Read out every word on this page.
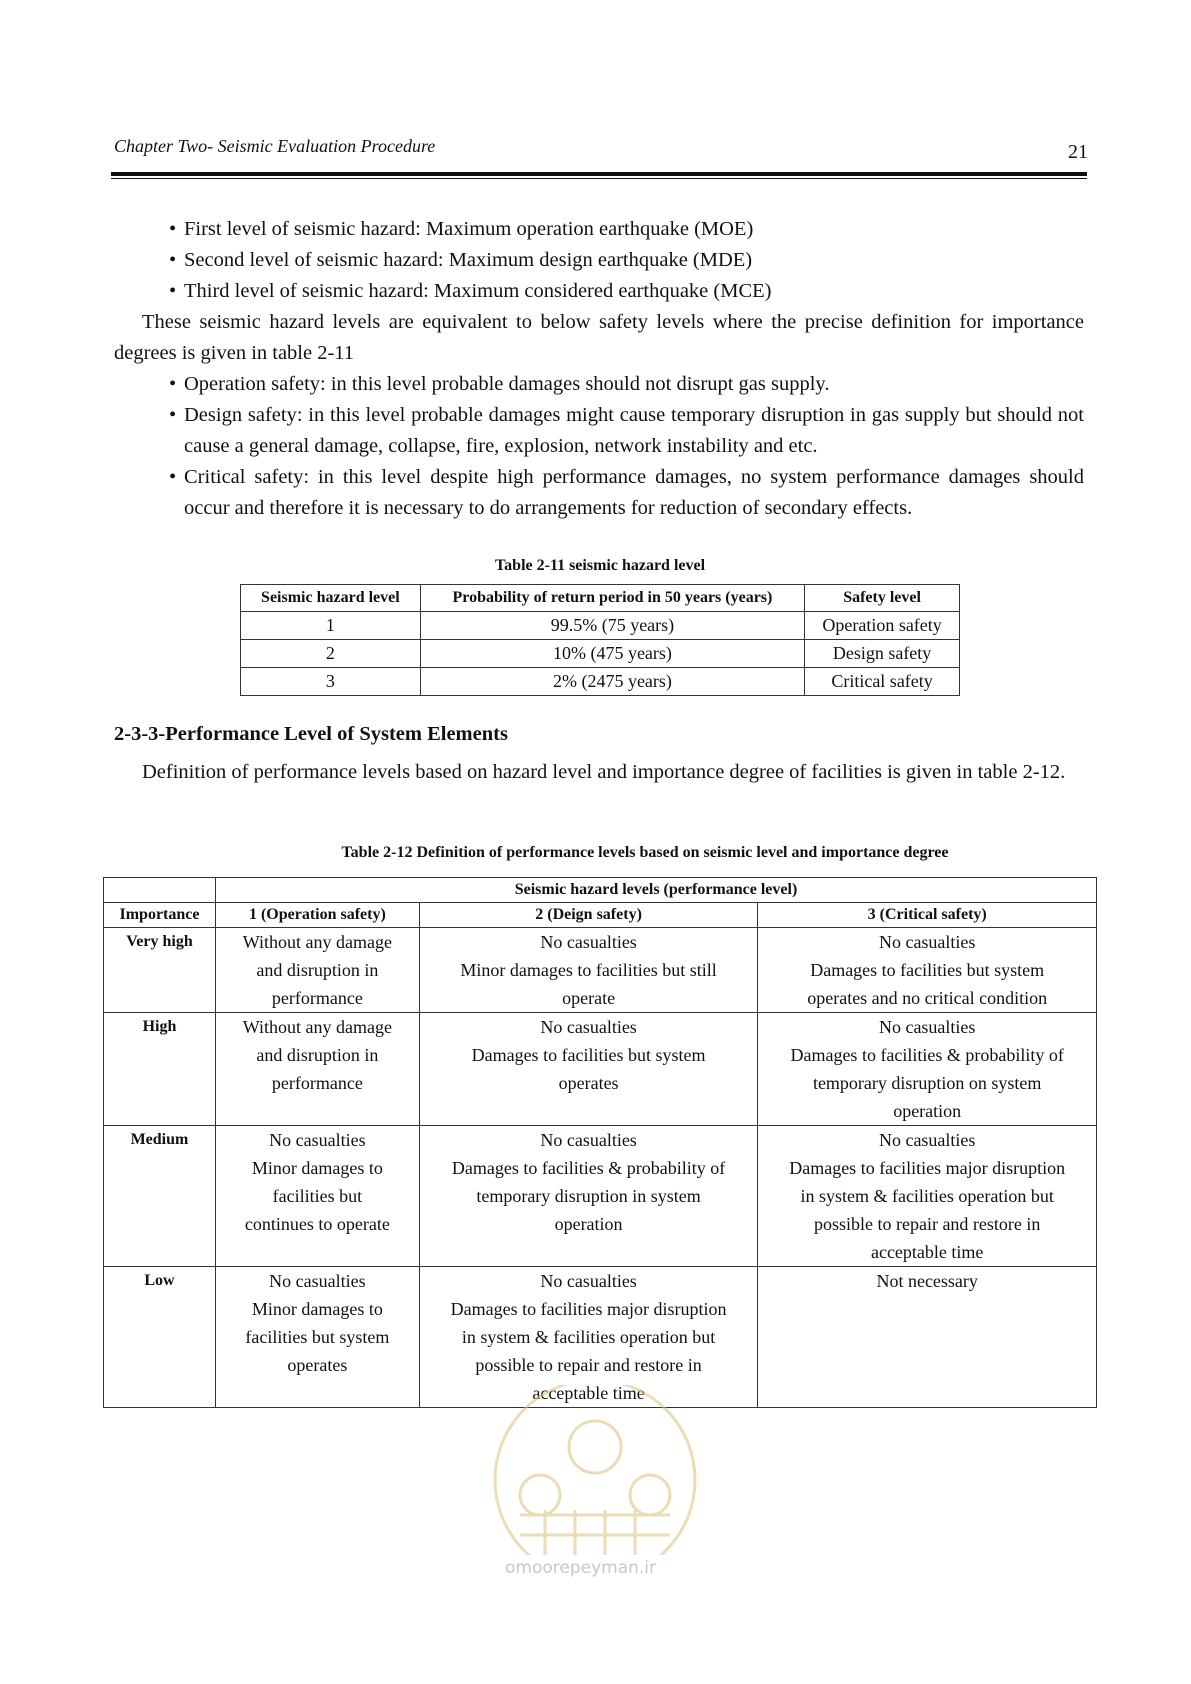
Chapter Two- Seismic Evaluation Procedure	21
• First level of seismic hazard: Maximum operation earthquake (MOE)
• Second level of seismic hazard: Maximum design earthquake (MDE)
• Third level of seismic hazard: Maximum considered earthquake (MCE)
These seismic hazard levels are equivalent to below safety levels where the precise definition for importance degrees is given in table 2-11
• Operation safety: in this level probable damages should not disrupt gas supply.
• Design safety: in this level probable damages might cause temporary disruption in gas supply but should not cause a general damage, collapse, fire, explosion, network instability and etc.
• Critical safety: in this level despite high performance damages, no system performance damages should occur and therefore it is necessary to do arrangements for reduction of secondary effects.
Table 2-11 seismic hazard level
Seismic hazard level	Probability of return period in 50 years (years)	Safety level
1	99.5% (75 years)	Operation safety
2	10% (475 years)	Design safety
3	2% (2475 years)	Critical safety
2-3-3-Performance Level of System Elements
Definition of performance levels based on hazard level and importance degree of facilities is given in table 2-12.
Table 2-12 Definition of performance levels based on seismic level and importance degree
	Seismic hazard levels (performance level)		
Importance	1 (Operation safety)	2 (Deign safety)	3 (Critical safety)
Very high	Without any damage
and disruption in
performance	No casualties
Minor damages to facilities but still
operate	No casualties
Damages to facilities but system
operates and no critical condition

High	Without any damage
and disruption in
performance	No casualties
Damages to facilities but system
operates	No casualties
Damages to facilities & probability of
temporary disruption on system
operation

Medium	No casualties
Minor damages to
facilities but
continues to operate	No casualties
Damages to facilities & probability of
temporary disruption in system
operation	No casualties
Damages to facilities major disruption
in system & facilities operation but
possible to repair and restore in
acceptable time

Low	No casualties
Minor damages to
facilities but system
operates	No casualties
Damages to facilities major disruption
in system & facilities operation but
possible to repair and restore in
acceptable time	Not necessary
omoorepeyman.ir
